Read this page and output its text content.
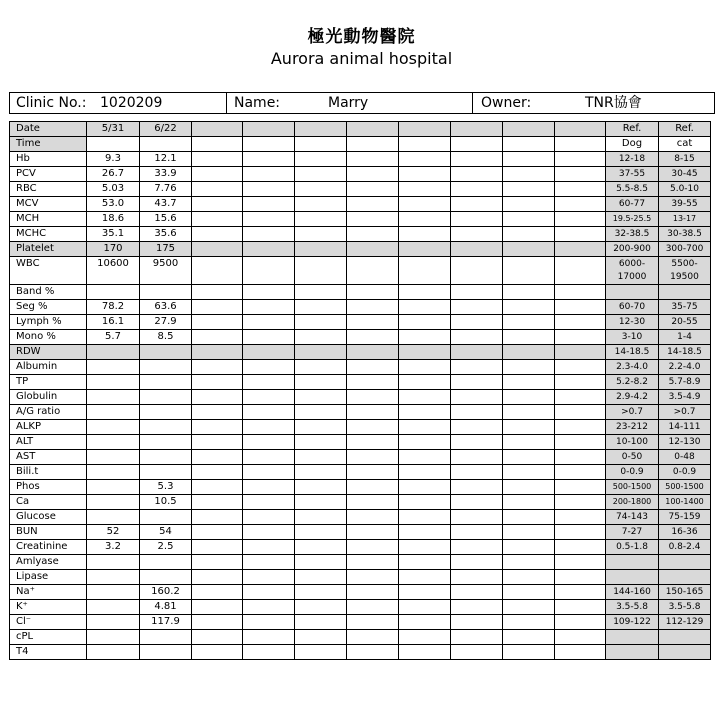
極光動物醫院
Aurora animal hospital
Clinic No.: 1020209	Name:	Marry	Owner:	TNR協會
Date	5/31	6/22									Ref.	Ref.
Time											Dog	cat
Hb	9.3	12.1									12-18	8-15
PCV	26.7	33.9									37-55	30-45
RBC	5.03	7.76									5.5-8.5	5.0-10
MCV	53.0	43.7									60-77	39-55
MCH	18.6	15.6									19.5-25.5	13-17
MCHC	35.1	35.6									32-38.5	30-38.5
Platelet	170	175									200-900	300-700
WBC	10600	9500									6000-17000	5500-19500
Band %												
Seg %	78.2	63.6									60-70	35-75
Lymph %	16.1	27.9									12-30	20-55
Mono %	5.7	8.5									3-10	1-4
RDW											14-18.5	14-18.5
Albumin											2.3-4.0	2.2-4.0
TP											5.2-8.2	5.7-8.9
Globulin											2.9-4.2	3.5-4.9
A/G ratio											>0.7	>0.7
ALKP											23-212	14-111
ALT											10-100	12-130
AST											0-50	0-48
Bili.t											0-0.9	0-0.9
Phos		5.3									500-1500	500-1500
Ca		10.5									200-1800	100-1400
Glucose											74-143	75-159
BUN	52	54									7-27	16-36
Creatinine	3.2	2.5									0.5-1.8	0.8-2.4
Amlyase												
Lipase												
Na⁺		160.2									144-160	150-165
K⁺		4.81									3.5-5.8	3.5-5.8
Cl⁻		117.9									109-122	112-129
cPL												
T4												
